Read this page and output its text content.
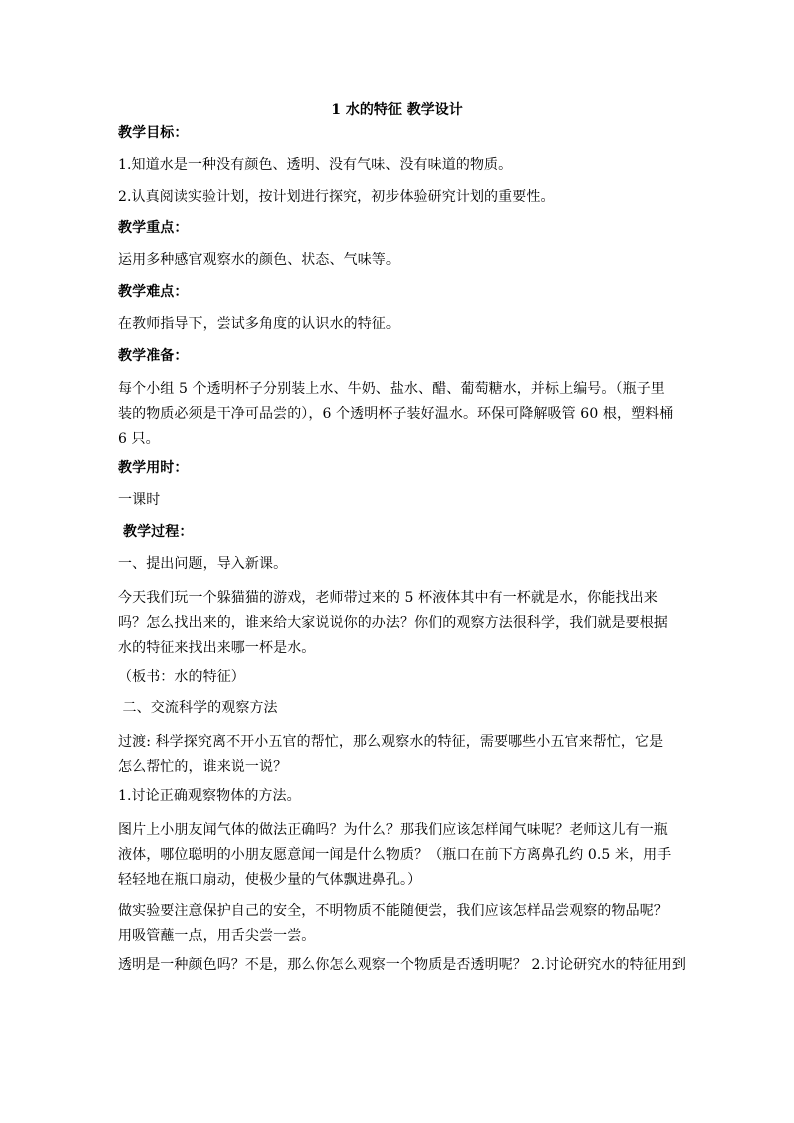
1 水的特征 教学设计
教学目标：
1.知道水是一种没有颜色、透明、没有气味、没有味道的物质。
2.认真阅读实验计划，按计划进行探究，初步体验研究计划的重要性。
教学重点：
运用多种感官观察水的颜色、状态、气味等。
教学难点：
在教师指导下，尝试多角度的认识水的特征。
教学准备：
每个小组 5 个透明杯子分别装上水、牛奶、盐水、醋、葡萄糖水，并标上编号。（瓶子里装的物质必须是干净可品尝的），6 个透明杯子装好温水。环保可降解吸管 60 根，塑料桶 6 只。
教学用时：
一课时
教学过程：
一、提出问题，导入新课。
今天我们玩一个躲猫猫的游戏，老师带过来的 5 杯液体其中有一杯就是水，你能找出来吗？怎么找出来的，谁来给大家说说你的办法？你们的观察方法很科学，我们就是要根据水的特征来找出来哪一杯是水。
（板书：水的特征）
二、交流科学的观察方法
过渡: 科学探究离不开小五官的帮忙，那么观察水的特征，需要哪些小五官来帮忙，它是怎么帮忙的，谁来说一说？
1.讨论正确观察物体的方法。
图片上小朋友闻气体的做法正确吗？为什么？那我们应该怎样闻气味呢？老师这儿有一瓶液体，哪位聪明的小朋友愿意闻一闻是什么物质？（瓶口在前下方离鼻孔约 0.5 米，用手轻轻地在瓶口扇动，使极少量的气体飘进鼻孔。）
做实验要注意保护自己的安全，不明物质不能随便尝，我们应该怎样品尝观察的物品呢？用吸管蘸一点，用舌尖尝一尝。
透明是一种颜色吗？不是，那么你怎么观察一个物质是否透明呢？ 2.讨论研究水的特征用到
